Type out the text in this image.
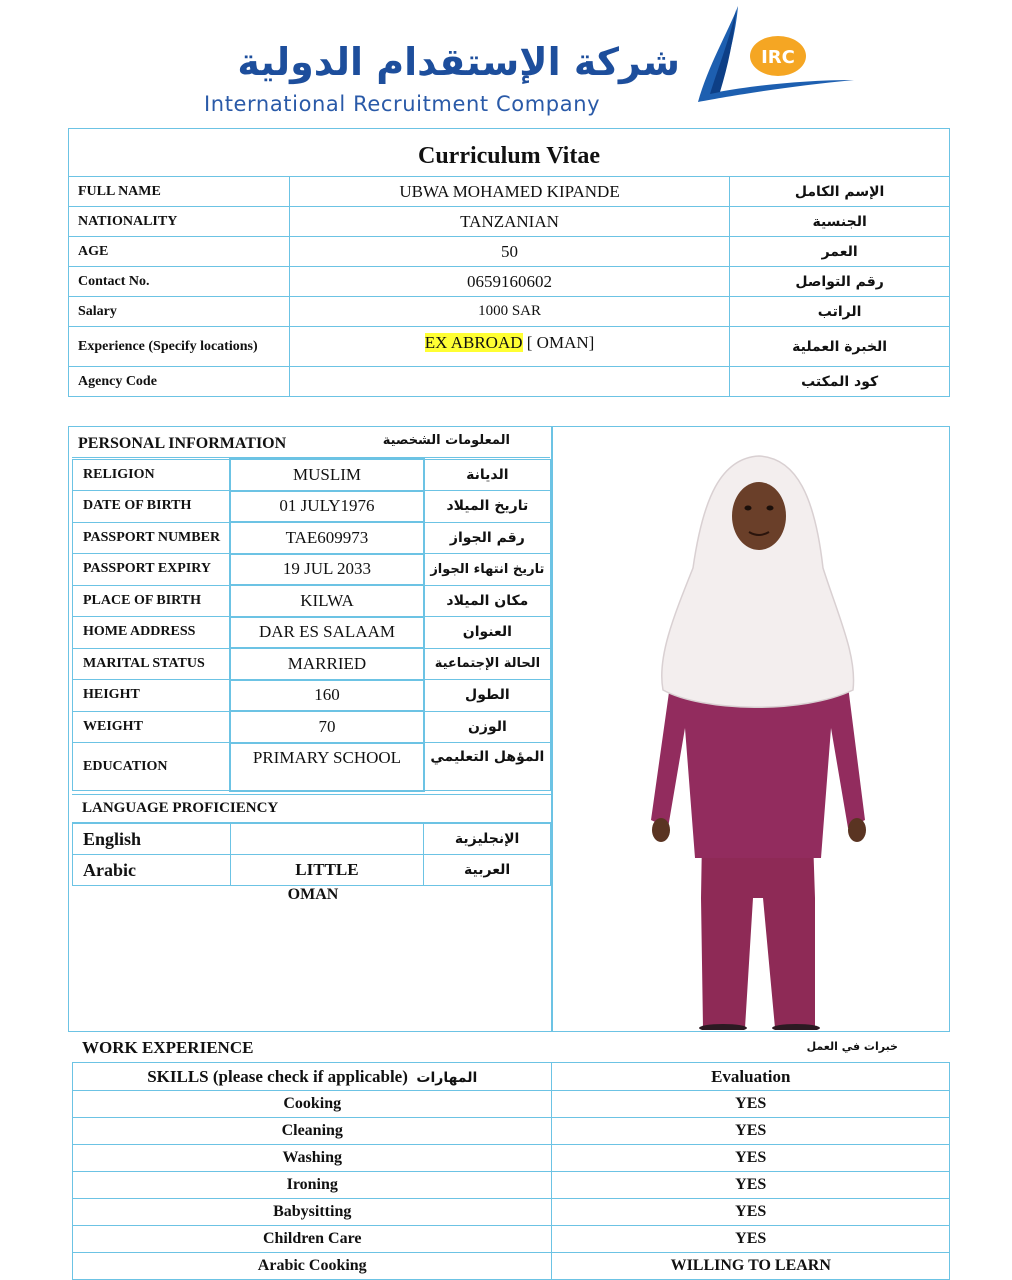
شركة الإستقدام الدولية
International Recruitment Company
IRC
Curriculum Vitae		
FULL NAME	UBWA MOHAMED KIPANDE	الإسم الكامل
NATIONALITY	TANZANIAN	الجنسية
AGE	50	العمر
Contact No.	0659160602	رقم التواصل
Salary	1000 SAR	الراتب
Experience (Specify locations)	EX ABROAD [ OMAN]	الخبرة العملية
Agency Code		كود المكتب
PERSONAL INFORMATION	المعلومات الشخصية
RELIGION	MUSLIM	الديانة
DATE OF BIRTH	01 JULY1976	تاريخ الميلاد
PASSPORT NUMBER	TAE609973	رقم الجواز
PASSPORT EXPIRY	19 JUL 2033	تاريخ انتهاء الجواز
PLACE OF BIRTH	KILWA	مكان الميلاد
HOME ADDRESS	DAR ES SALAAM	العنوان
MARITAL STATUS	MARRIED	الحالة الإجتماعية
HEIGHT	160	الطول
WEIGHT	70	الوزن
EDUCATION	PRIMARY SCHOOL	المؤهل التعليمي
LANGUAGE PROFICIENCY
English		الإنجليزية
Arabic	LITTLE	العربية
OMAN
WORK EXPERIENCE	خبرات في العمل
SKILLS (please check if applicable) المهارات	Evaluation
Cooking	YES
Cleaning	YES
Washing	YES
Ironing	YES
Babysitting	YES
Children Care	YES
Arabic Cooking	WILLING TO LEARN
